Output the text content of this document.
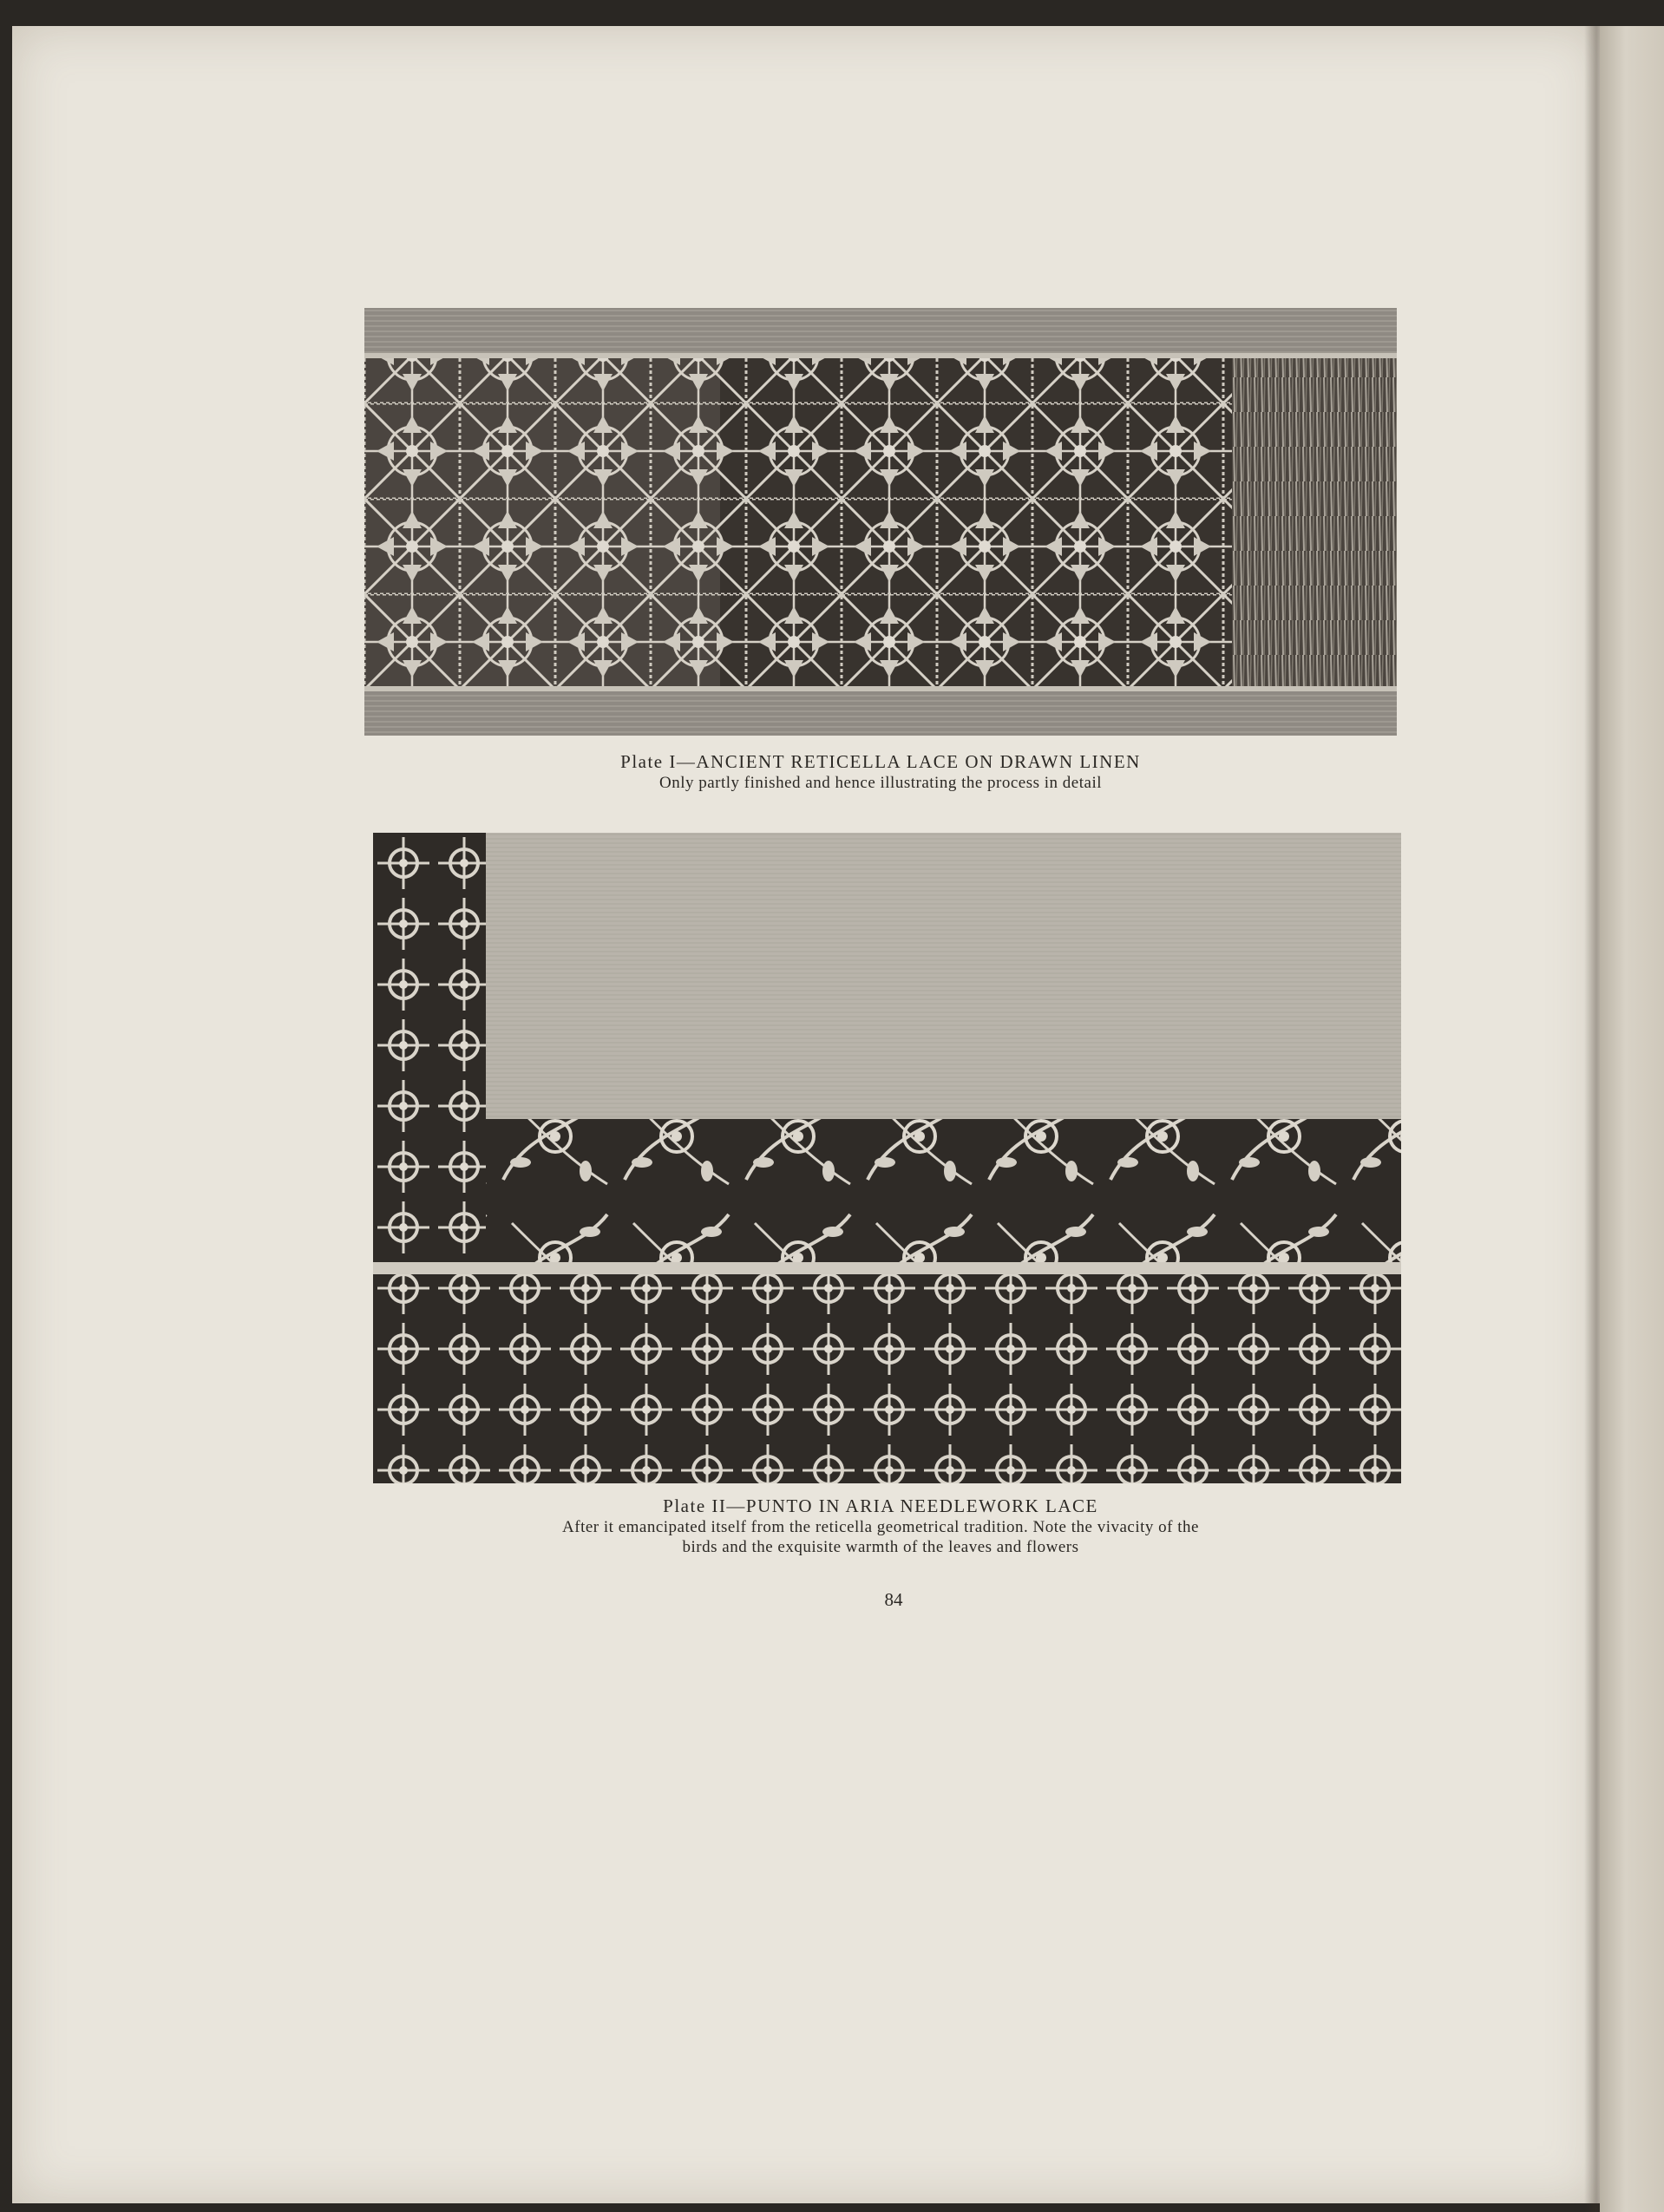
Plate I—ANCIENT RETICELLA LACE ON DRAWN LINEN
Only partly finished and hence illustrating the process in detail
Plate II—PUNTO IN ARIA NEEDLEWORK LACE
After it emancipated itself from the reticella geometrical tradition. Note the vivacity of the
birds and the exquisite warmth of the leaves and flowers
84
